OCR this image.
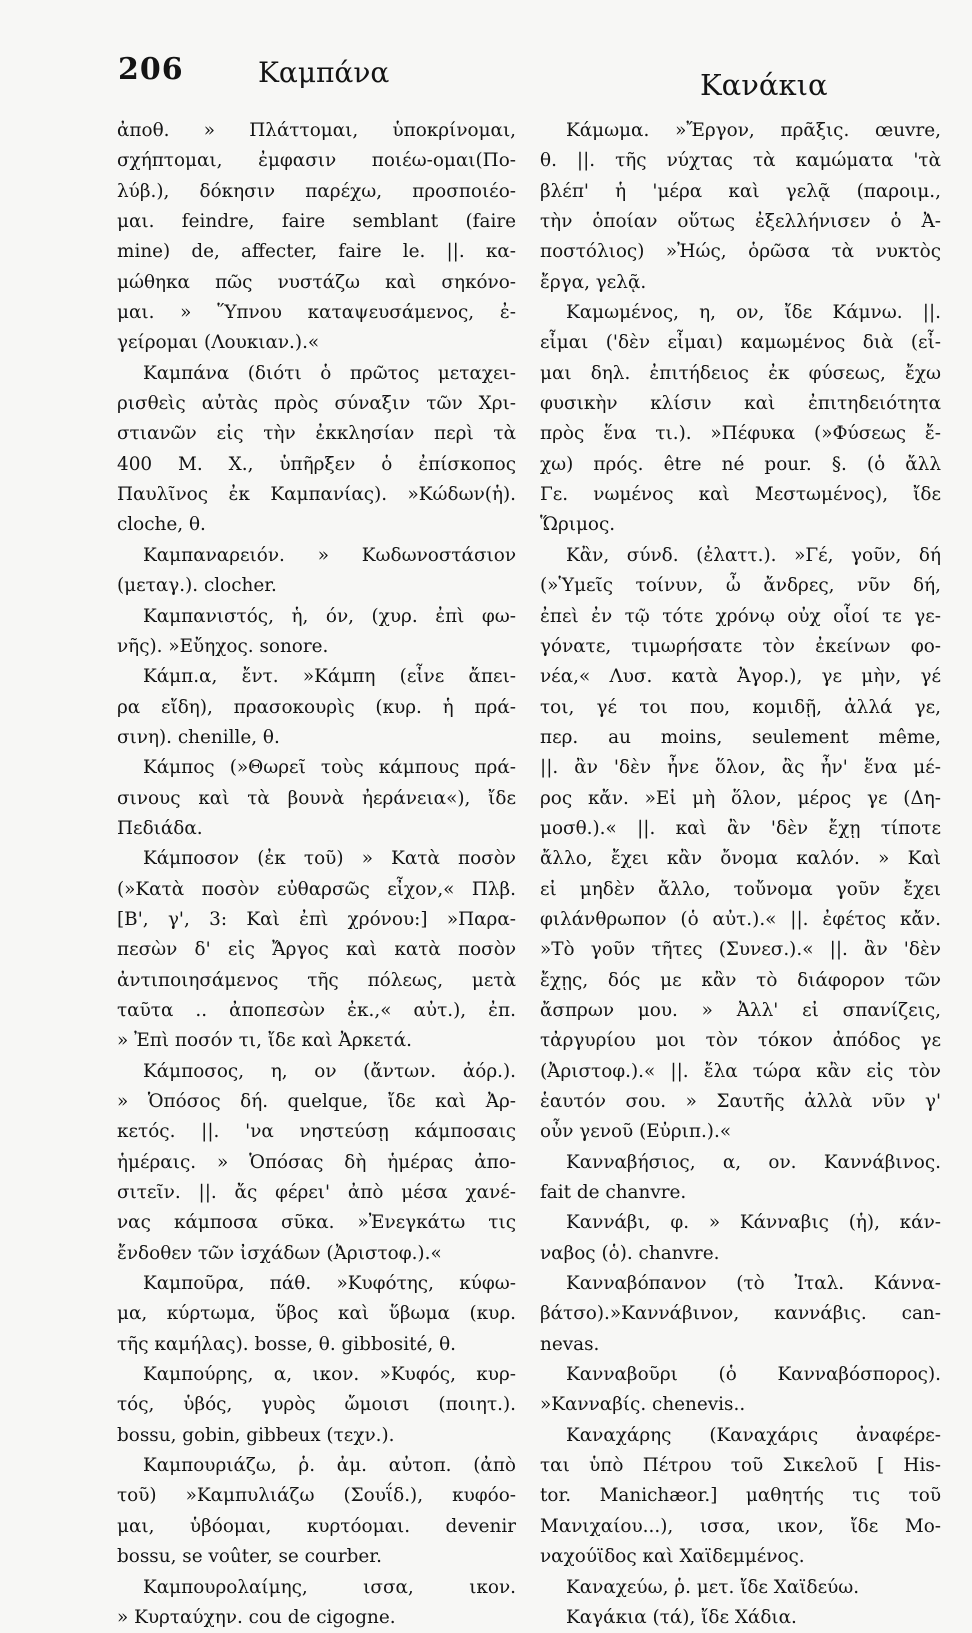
206	Καμπάνα	Κανάκια
ἀποθ. » Πλάττομαι, ὑποκρίνομαι,
σχήπτομαι, ἐμφασιν ποιέω-ομαι(Πο-
λύβ.), δόκησιν παρέχω, προσποιέο-
μαι. feindre, faire semblant (faire
mine) de, affecter, faire le. ||. κα-
μώθηκα πῶς νυστάζω καὶ σηκόνο-
μαι. » Ὕπνου καταψευσάμενος, ἐ-
γείρομαι (Λουκιαν.).«
Καμπάνα (διότι ὁ πρῶτος μεταχει-
ρισθεὶς αὐτὰς πρὸς σύναξιν τῶν Χρι-
στιανῶν εἰς τὴν ἐκκλησίαν περὶ τὰ
400 Μ. Χ., ὑπῆρξεν ὁ ἐπίσκοπος
Παυλῖνος ἐκ Καμπανίας). »Κώδων(ἡ).
cloche, θ.
Καμπαναρειόν. » Κωδωνοστάσιον
(μεταγ.). clocher.
Καμπανιστός, ἡ, όν, (χυρ. ἐπὶ φω-
νῆς). »Εὔηχος. sonore.
Κάμπ.α, ἔντ. »Κάμπη (εἶνε ἄπει-
ρα εἴδη), πρασοκουρὶς (κυρ. ἡ πρά-
σινη). chenille, θ.
Κάμπος (»Θωρεῖ τοὺς κάμπους πρά-
σινους καὶ τὰ βουνὰ ἠεράνεια«), ἴδε
Πεδιάδα.
Κάμποσον (ἐκ τοῦ) » Κατὰ ποσὸν
(»Κατὰ ποσὸν εὐθαρσῶς εἶχον,« Πλβ.
[Β', γ', 3: Καὶ ἐπὶ χρόνου:] »Παρα-
πεσὼν δ' εἰς Ἄργος καὶ κατὰ ποσὸν
ἀντιποιησάμενος τῆς πόλεως, μετὰ
ταῦτα .. ἀποπεσὼν ἐκ.,« αὐτ.), ἐπ.
» Ἐπὶ ποσόν τι, ἴδε καὶ Ἀρκετά.
Κάμποσος, η, ον (ἄντων. ἀόρ.).
» Ὁπόσος δή. quelque, ἴδε καὶ Ἀρ-
κετός. ||. 'να νηστεύσῃ κάμποσαις
ἡμέραις. » Ὁπόσας δὴ ἡμέρας ἀπο-
σιτεῖν. ||. ἄς φέρει' ἀπὸ μέσα χανέ-
νας κάμποσα σῦκα. »Ἐνεγκάτω τις
ἔνδοθεν τῶν ἰσχάδων (Ἀριστοφ.).«
Καμποῦρα, πάθ. »Κυφότης, κύφω-
μα, κύρτωμα, ὕβος καὶ ὕβωμα (κυρ.
τῆς καμήλας). bosse, θ. gibbosité, θ.
Καμπούρης, α, ικον. »Κυφός, κυρ-
τός, ὑβός, γυρὸς ὤμοισι (ποιητ.).
bossu, gobin, gibbeux (τεχν.).
Καμπουριάζω, ῥ. ἀμ. αὐτοπ. (ἀπὸ
τοῦ) »Καμπυλιάζω (Σουΐδ.), κυφόο-
μαι, ὑβόομαι, κυρτόομαι. devenir
bossu, se voûter, se courber.
Καμπουρολαίμης, ισσα, ικον.
» Κυρταύχην. cou de cigogne.
Κάμωμα. »Ἔργον, πρᾶξις. œuvre,
θ. ||. τῆς νύχτας τὰ καμώματα 'τὰ
βλέπ' ἡ 'μέρα καὶ γελᾷ (παροιμ.,
τὴν ὁποίαν οὕτως ἐξελλήνισεν ὁ Ἀ-
ποστόλιος) »Ἠώς, ὁρῶσα τὰ νυκτὸς
ἔργα, γελᾷ.
Καμωμένος, η, ον, ἴδε Κάμνω. ||.
εἶμαι ('δὲν εἶμαι) καμωμένος διὰ (εἶ-
μαι δηλ. ἐπιτήδειος ἐκ φύσεως, ἔχω
φυσικὴν κλίσιν καὶ ἐπιτηδειότητα
πρὸς ἕνα τι.). »Πέφυκα (»Φύσεως ἔ-
χω) πρός. être né pour. §. (ὁ ἄλλ
Γε. νωμένος καὶ Μεστωμένος), ἴδε
Ὥριμος.
Κἂν, σύνδ. (ἐλαττ.). »Γέ, γοῦν, δή
(»Ὑμεῖς τοίνυν, ὦ ἄνδρες, νῦν δή,
ἐπεὶ ἐν τῷ τότε χρόνῳ οὐχ οἷοί τε γε-
γόνατε, τιμωρήσατε τὸν ἐκείνων φο-
νέα,« Λυσ. κατὰ Ἀγορ.), γε μὴν, γέ
τοι, γέ τοι που, κομιδῇ, ἀλλά γε,
περ. au moins, seulement même,
||. ἂν 'δὲν ἦνε ὅλον, ἂς ἦν' ἕνα μέ-
ρος κἄν. »Εἰ μὴ ὅλον, μέρος γε (Δη-
μοσθ.).« ||. καὶ ἂν 'δὲν ἔχῃ τίποτε
ἄλλο, ἔχει κἂν ὄνομα καλόν. » Καὶ
εἰ μηδὲν ἄλλο, τοὔνομα γοῦν ἔχει
φιλάνθρωπον (ὁ αὐτ.).« ||. ἐφέτος κἄν.
»Τὸ γοῦν τῆτες (Συνεσ.).« ||. ἂν 'δὲν
ἔχῃς, δός με κἂν τὸ διάφορον τῶν
ἄσπρων μου. » Ἀλλ' εἰ σπανίζεις,
τἀργυρίου μοι τὸν τόκον ἀπόδος γε
(Ἀριστοφ.).« ||. ἔλα τώρα κἂν εἰς τὸν
ἑαυτόν σου. » Σαυτῆς ἀλλὰ νῦν γ'
οὖν γενοῦ (Εὐριπ.).«
Κανναβήσιος, α, ον. Καννάβινος.
fait de chanvre.
Καννάβι, φ. » Κάνναβις (ἡ), κάν-
ναβος (ὁ). chanvre.
Κανναβόπανον (τὸ Ἰταλ. Κάννα-
βάτσο).»Καννάβινον, καννάβις. can-
nevas.
Κανναβοῦρι (ὁ Κανναβόσπορος).
»Κανναβίς. chenevis..
Καναχάρης (Καναχάρις ἀναφέρε-
ται ὑπὸ Πέτρου τοῦ Σικελοῦ [ His-
tor. Manichæor.] μαθητής τις τοῦ
Μανιχαίου...), ισσα, ικον, ἴδε Μο-
ναχούϊδος καὶ Χαϊδεμμένος.
Καναχεύω, ῥ. μετ. ἴδε Χαϊδεύω.
Καγάκια (τά), ἴδε Χάδια.
